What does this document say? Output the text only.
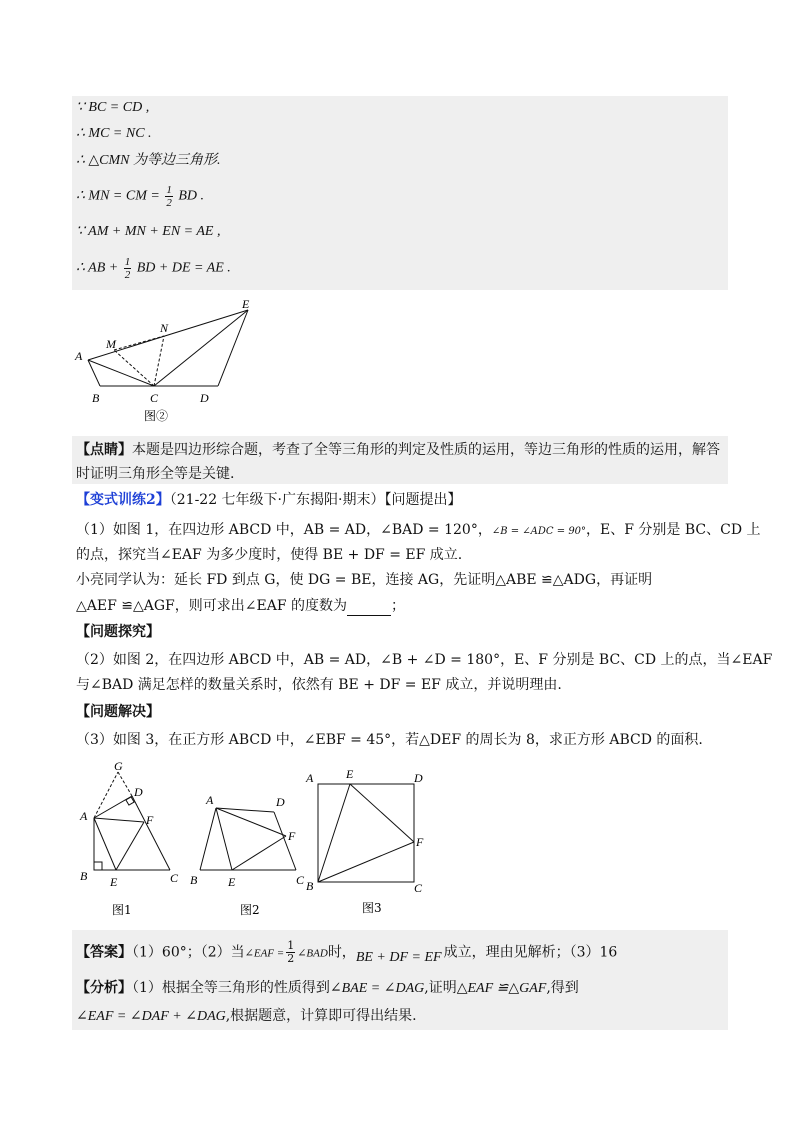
∵ BC = CD ,
∴ MC = NC .
∴ △CMN 为等边三角形.
∴ MN = CM = $\frac{1}{2}$ BD .
∵ AM + MN + EN = AE ,
∴ AB + $\frac{1}{2}$ BD + DE = AE .
E
A
M
N
B	C	D
图②
【点睛】本题是四边形综合题，考查了全等三角形的判定及性质的运用，等边三角形的性质的运用，解答
时证明三角形全等是关键.
【变式训练2】（21-22 七年级下·广东揭阳·期末）【问题提出】
（1）如图 1，在四边形 ABCD 中，AB = AD，∠BAD = 120°，∠B = ∠ADC = 90°，E、F 分别是 BC、CD 上
的点，探究当∠EAF 为多少度时，使得 BE + DF = EF 成立.
小亮同学认为：延长 FD 到点 G，使 DG = BE，连接 AG，先证明△ABE ≌△ADG，再证明
△AEF ≌△AGF，则可求出∠EAF 的度数为	；
【问题探究】
（2）如图 2，在四边形 ABCD 中，AB = AD，∠B + ∠D = 180°，E、F 分别是 BC、CD 上的点，当∠EAF
与∠BAD 满足怎样的数量关系时，依然有 BE + DF = EF 成立，并说明理由.
【问题解决】
（3）如图 3，在正方形 ABCD 中，∠EBF = 45°，若△DEF 的周长为 8，求正方形 ABCD 的面积.
G
A
D
F
B E	C
图1
A	D
F
B	E	C
图2
A	E	D
F
B	C
图3
【答案】（1）60°；（2）当∠EAF = $\frac{1}{2}$ ∠BAD时，BE + DF = EF 成立，理由见解析；（3）16
【分析】（1）根据全等三角形的性质得到∠BAE = ∠DAG,证明△EAF ≌△GAF,得到
∠EAF = ∠DAF + ∠DAG,根据题意，计算即可得出结果.
